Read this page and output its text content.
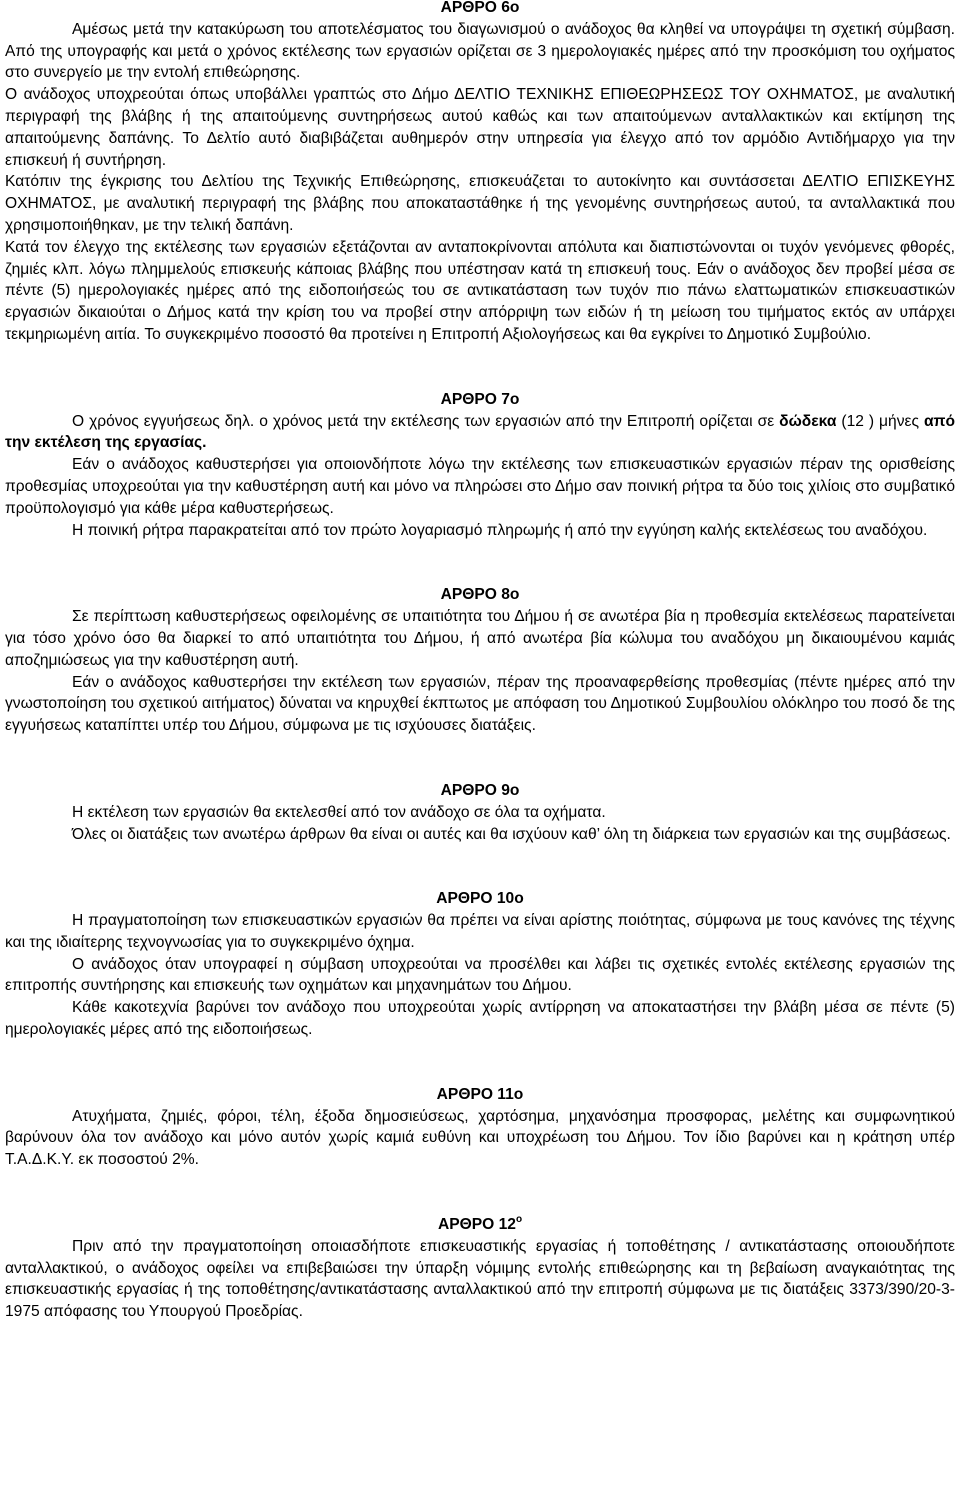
ΑΡΘΡΟ 6ο

Αμέσως μετά την κατακύρωση του αποτελέσματος του διαγωνισμού ο ανάδοχος θα κληθεί να υπογράψει τη σχετική σύμβαση. Από της υπογραφής και μετά ο χρόνος εκτέλεσης των εργασιών ορίζεται σε 3 ημερολογιακές ημέρες από την προσκόμιση του οχήματος στο συνεργείο με την εντολή επιθεώρησης.

Ο ανάδοχος υποχρεούται όπως υποβάλλει γραπτώς στο Δήμο ΔΕΛΤΙΟ ΤΕΧΝΙΚΗΣ ΕΠΙΘΕΩΡΗΣΕΩΣ ΤΟΥ ΟΧΗΜΑΤΟΣ, με αναλυτική περιγραφή της βλάβης ή της απαιτούμενης συντηρήσεως αυτού καθώς και των απαιτούμενων ανταλλακτικών και εκτίμηση της απαιτούμενης δαπάνης. Το Δελτίο αυτό διαβιβάζεται αυθημερόν στην υπηρεσία για έλεγχο από τον αρμόδιο Αντιδήμαρχο για την επισκευή ή συντήρηση.

Κατόπιν της έγκρισης του Δελτίου της Τεχνικής Επιθεώρησης, επισκευάζεται το αυτοκίνητο και συντάσσεται ΔΕΛΤΙΟ ΕΠΙΣΚΕΥΗΣ ΟΧΗΜΑΤΟΣ, με αναλυτική περιγραφή της βλάβης που αποκαταστάθηκε ή της γενομένης συντηρήσεως αυτού, τα ανταλλακτικά που χρησιμοποιήθηκαν, με την τελική δαπάνη.

Κατά τον έλεγχο της εκτέλεσης των εργασιών εξετάζονται αν ανταποκρίνονται απόλυτα και διαπιστώνονται οι τυχόν γενόμενες φθορές, ζημιές κλπ. λόγω πλημμελούς επισκευής κάποιας βλάβης που υπέστησαν κατά τη επισκευή τους. Εάν ο ανάδοχος δεν προβεί μέσα σε πέντε (5) ημερολογιακές ημέρες από της ειδοποιήσεώς του σε αντικατάσταση των τυχόν πιο πάνω ελαττωματικών επισκευαστικών εργασιών δικαιούται ο Δήμος κατά την κρίση του να προβεί στην απόρριψη των ειδών ή τη μείωση του τιμήματος εκτός αν υπάρχει τεκμηριωμένη αιτία. Το συγκεκριμένο ποσοστό θα προτείνει η Επιτροπή Αξιολογήσεως και θα εγκρίνει το Δημοτικό Συμβούλιο.

ΑΡΘΡΟ 7ο

Ο χρόνος εγγυήσεως δηλ. ο χρόνος μετά την εκτέλεσης των εργασιών από την Επιτροπή ορίζεται σε δώδεκα (12 ) μήνες από την εκτέλεση της εργασίας.

Εάν ο ανάδοχος καθυστερήσει για οποιονδήποτε λόγω την εκτέλεσης των επισκευαστικών εργασιών πέραν της ορισθείσης προθεσμίας υποχρεούται για την καθυστέρηση αυτή και μόνο να πληρώσει στο Δήμο σαν ποινική ρήτρα τα δύο τοις χιλίοις στο συμβατικό προϋπολογισμό για κάθε μέρα καθυστερήσεως.

Η ποινική ρήτρα παρακρατείται από τον πρώτο λογαριασμό πληρωμής ή από την εγγύηση καλής εκτελέσεως του αναδόχου.

ΑΡΘΡΟ 8ο

Σε περίπτωση καθυστερήσεως οφειλομένης σε υπαιτιότητα του Δήμου ή σε ανωτέρα βία η προθεσμία εκτελέσεως παρατείνεται για τόσο χρόνο όσο θα διαρκεί το από υπαιτιότητα του Δήμου, ή από ανωτέρα βία κώλυμα του αναδόχου μη δικαιουμένου καμιάς αποζημιώσεως για την καθυστέρηση αυτή.

Εάν ο ανάδοχος καθυστερήσει την εκτέλεση των εργασιών, πέραν της προαναφερθείσης προθεσμίας (πέντε ημέρες από την γνωστοποίηση του σχετικού αιτήματος) δύναται να κηρυχθεί έκπτωτος με απόφαση του Δημοτικού Συμβουλίου ολόκληρο του ποσό δε της εγγυήσεως καταπίπτει υπέρ του Δήμου, σύμφωνα με τις ισχύουσες διατάξεις.

ΑΡΘΡΟ 9ο

Η εκτέλεση των εργασιών θα εκτελεσθεί από τον ανάδοχο σε όλα τα οχήματα.

Όλες οι διατάξεις των ανωτέρω άρθρων θα είναι οι αυτές και θα ισχύουν καθ’ όλη τη διάρκεια των εργασιών και της συμβάσεως.

ΑΡΘΡΟ 10ο

Η πραγματοποίηση των επισκευαστικών εργασιών θα πρέπει να είναι αρίστης ποιότητας, σύμφωνα με τους κανόνες της τέχνης και της ιδιαίτερης τεχνογνωσίας για το συγκεκριμένο όχημα.

Ο ανάδοχος όταν υπογραφεί η σύμβαση υποχρεούται να προσέλθει και λάβει τις σχετικές εντολές εκτέλεσης εργασιών της επιτροπής συντήρησης και επισκευής των οχημάτων και μηχανημάτων του Δήμου.

Κάθε κακοτεχνία βαρύνει τον ανάδοχο που υποχρεούται χωρίς αντίρρηση να αποκαταστήσει την βλάβη μέσα σε πέντε (5) ημερολογιακές μέρες από της ειδοποιήσεως.

ΑΡΘΡΟ 11ο

Ατυχήματα, ζημιές, φόροι, τέλη, έξοδα δημοσιεύσεως, χαρτόσημα, μηχανόσημα προσφορας, μελέτης και συμφωνητικού βαρύνουν όλα τον ανάδοχο και μόνο αυτόν χωρίς καμιά ευθύνη και υποχρέωση του Δήμου. Τον ίδιο βαρύνει και η κράτηση υπέρ Τ.Α.Δ.Κ.Υ. εκ ποσοστού 2%.

ΑΡΘΡΟ $12^o$

Πριν από την πραγματοποίηση οποιασδήποτε επισκευαστικής εργασίας ή τοποθέτησης / αντικατάστασης οποιουδήποτε ανταλλακτικού, ο ανάδοχος οφείλει να επιβεβαιώσει την ύπαρξη νόμιμης εντολής επιθεώρησης και τη βεβαίωση αναγκαιότητας της επισκευαστικής εργασίας ή της τοποθέτησης/αντικατάστασης ανταλλακτικού από την επιτροπή σύμφωνα με τις διατάξεις 3373/390/20-3-1975 απόφασης του Υπουργού Προεδρίας.
